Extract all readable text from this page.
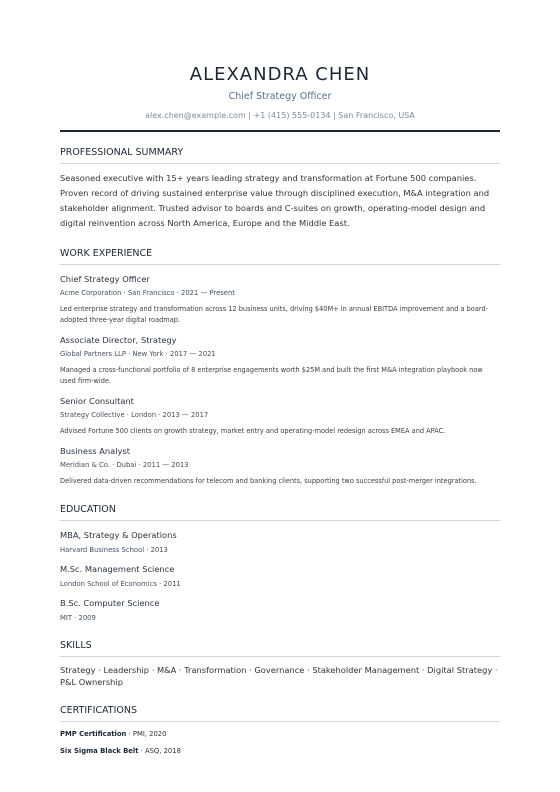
ALEXANDRA CHEN
Chief Strategy Officer
alex.chen@example.com | +1 (415) 555-0134 | San Francisco, USA
PROFESSIONAL SUMMARY
Seasoned executive with 15+ years leading strategy and transformation at Fortune 500 companies. Proven record of driving sustained enterprise value through disciplined execution, M&A integration and stakeholder alignment. Trusted advisor to boards and C-suites on growth, operating-model design and digital reinvention across North America, Europe and the Middle East.
WORK EXPERIENCE
Chief Strategy Officer
Acme Corporation · San Francisco · 2021 — Present
Led enterprise strategy and transformation across 12 business units, driving $40M+ in annual EBITDA improvement and a board-adopted three-year digital roadmap.
Associate Director, Strategy
Global Partners LLP · New York · 2017 — 2021
Managed a cross-functional portfolio of 8 enterprise engagements worth $25M and built the first M&A integration playbook now used firm-wide.
Senior Consultant
Strategy Collective · London · 2013 — 2017
Advised Fortune 500 clients on growth strategy, market entry and operating-model redesign across EMEA and APAC.
Business Analyst
Meridian & Co. · Dubai · 2011 — 2013
Delivered data-driven recommendations for telecom and banking clients, supporting two successful post-merger integrations.
EDUCATION
MBA, Strategy & Operations
Harvard Business School · 2013
M.Sc. Management Science
London School of Economics · 2011
B.Sc. Computer Science
MIT · 2009
SKILLS
Strategy · Leadership · M&A · Transformation · Governance · Stakeholder Management · Digital Strategy · P&L Ownership
CERTIFICATIONS
PMP Certification · PMI, 2020
Six Sigma Black Belt · ASQ, 2018
